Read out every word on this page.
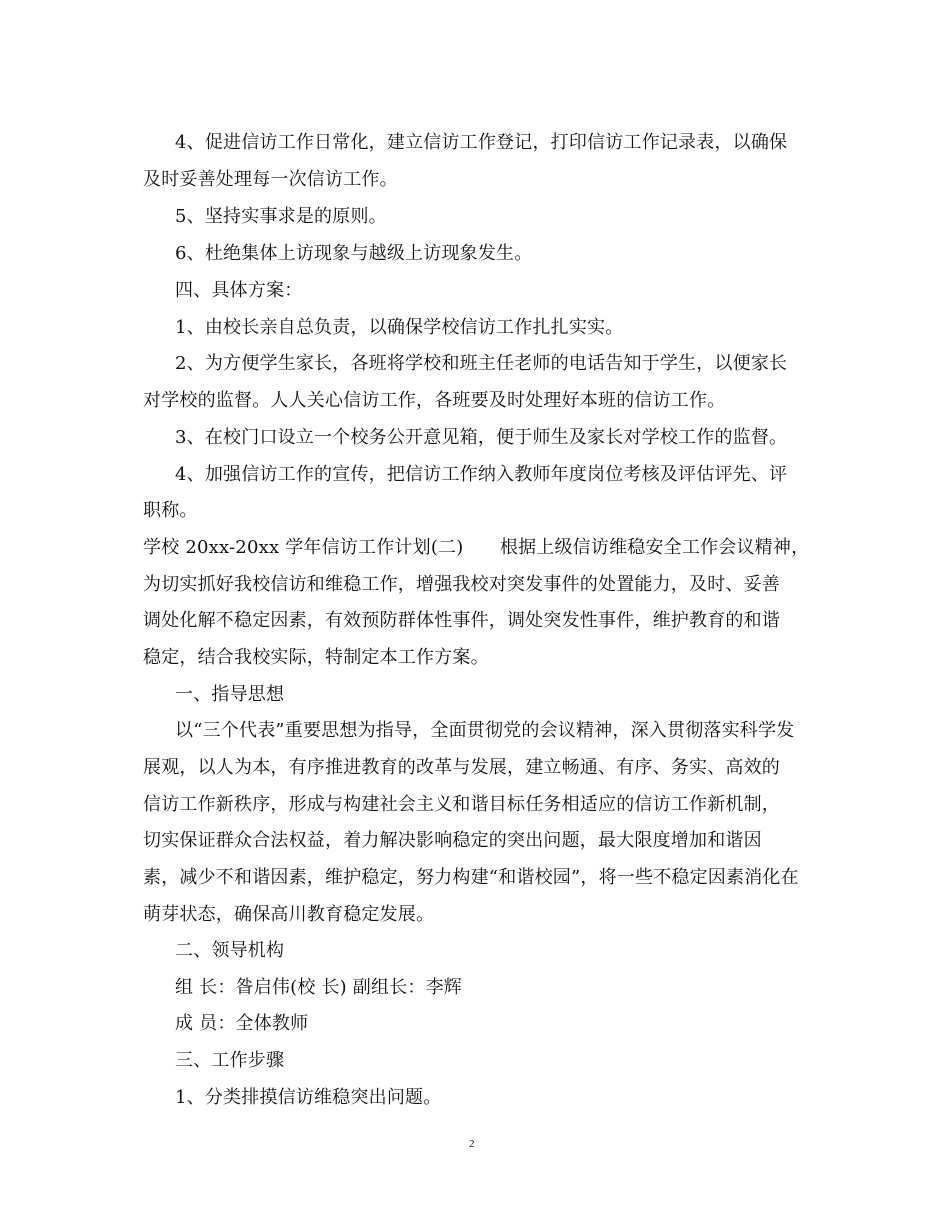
4、促进信访工作日常化，建立信访工作登记，打印信访工作记录表，以确保
及时妥善处理每一次信访工作。
5、坚持实事求是的原则。
6、杜绝集体上访现象与越级上访现象发生。
四、具体方案：
1、由校长亲自总负责，以确保学校信访工作扎扎实实。
2、为方便学生家长，各班将学校和班主任老师的电话告知于学生，以便家长
对学校的监督。人人关心信访工作，各班要及时处理好本班的信访工作。
3、在校门口设立一个校务公开意见箱，便于师生及家长对学校工作的监督。
4、加强信访工作的宣传，把信访工作纳入教师年度岗位考核及评估评先、评
职称。
学校 20xx-20xx 学年信访工作计划(二)　　根据上级信访维稳安全工作会议精神，
为切实抓好我校信访和维稳工作，增强我校对突发事件的处置能力，及时、妥善
调处化解不稳定因素，有效预防群体性事件，调处突发性事件，维护教育的和谐
稳定，结合我校实际，特制定本工作方案。
一、指导思想
以“三个代表”重要思想为指导，全面贯彻党的会议精神，深入贯彻落实科学发
展观，以人为本，有序推进教育的改革与发展，建立畅通、有序、务实、高效的
信访工作新秩序，形成与构建社会主义和谐目标任务相适应的信访工作新机制，
切实保证群众合法权益，着力解决影响稳定的突出问题，最大限度增加和谐因
素，减少不和谐因素，维护稳定，努力构建“和谐校园”，将一些不稳定因素消化在
萌芽状态，确保高川教育稳定发展。
二、领导机构
组 长：昝启伟(校 长) 副组长：李辉
成 员：全体教师
三、工作步骤
1、分类排摸信访维稳突出问题。
2
